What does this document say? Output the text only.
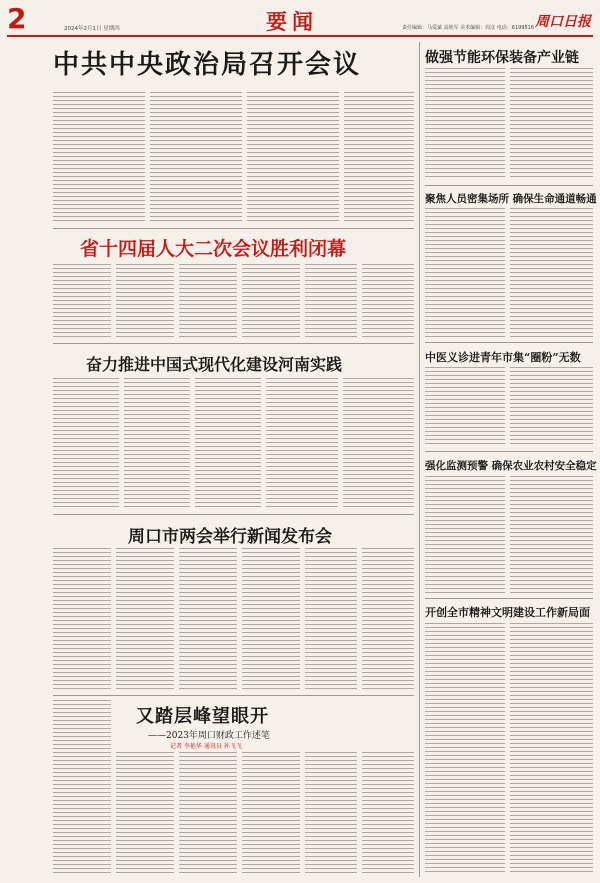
2	2024年2月1日 星期四	要闻	责任编辑：马爱斌 高艳军 美术编辑：周彦 电话：6199516 周口日报
中共中央政治局召开会议
省十四届人大二次会议胜利闭幕
奋力推进中国式现代化建设河南实践
周口市两会举行新闻发布会
又踏层峰望眼开
——2023年周口财政工作述笔
记者 李艳华 通讯员 孙飞飞
做强节能环保装备产业链
聚焦人员密集场所 确保生命通道畅通
中医义诊进青年市集“圈粉”无数
强化监测预警 确保农业农村安全稳定
开创全市精神文明建设工作新局面
